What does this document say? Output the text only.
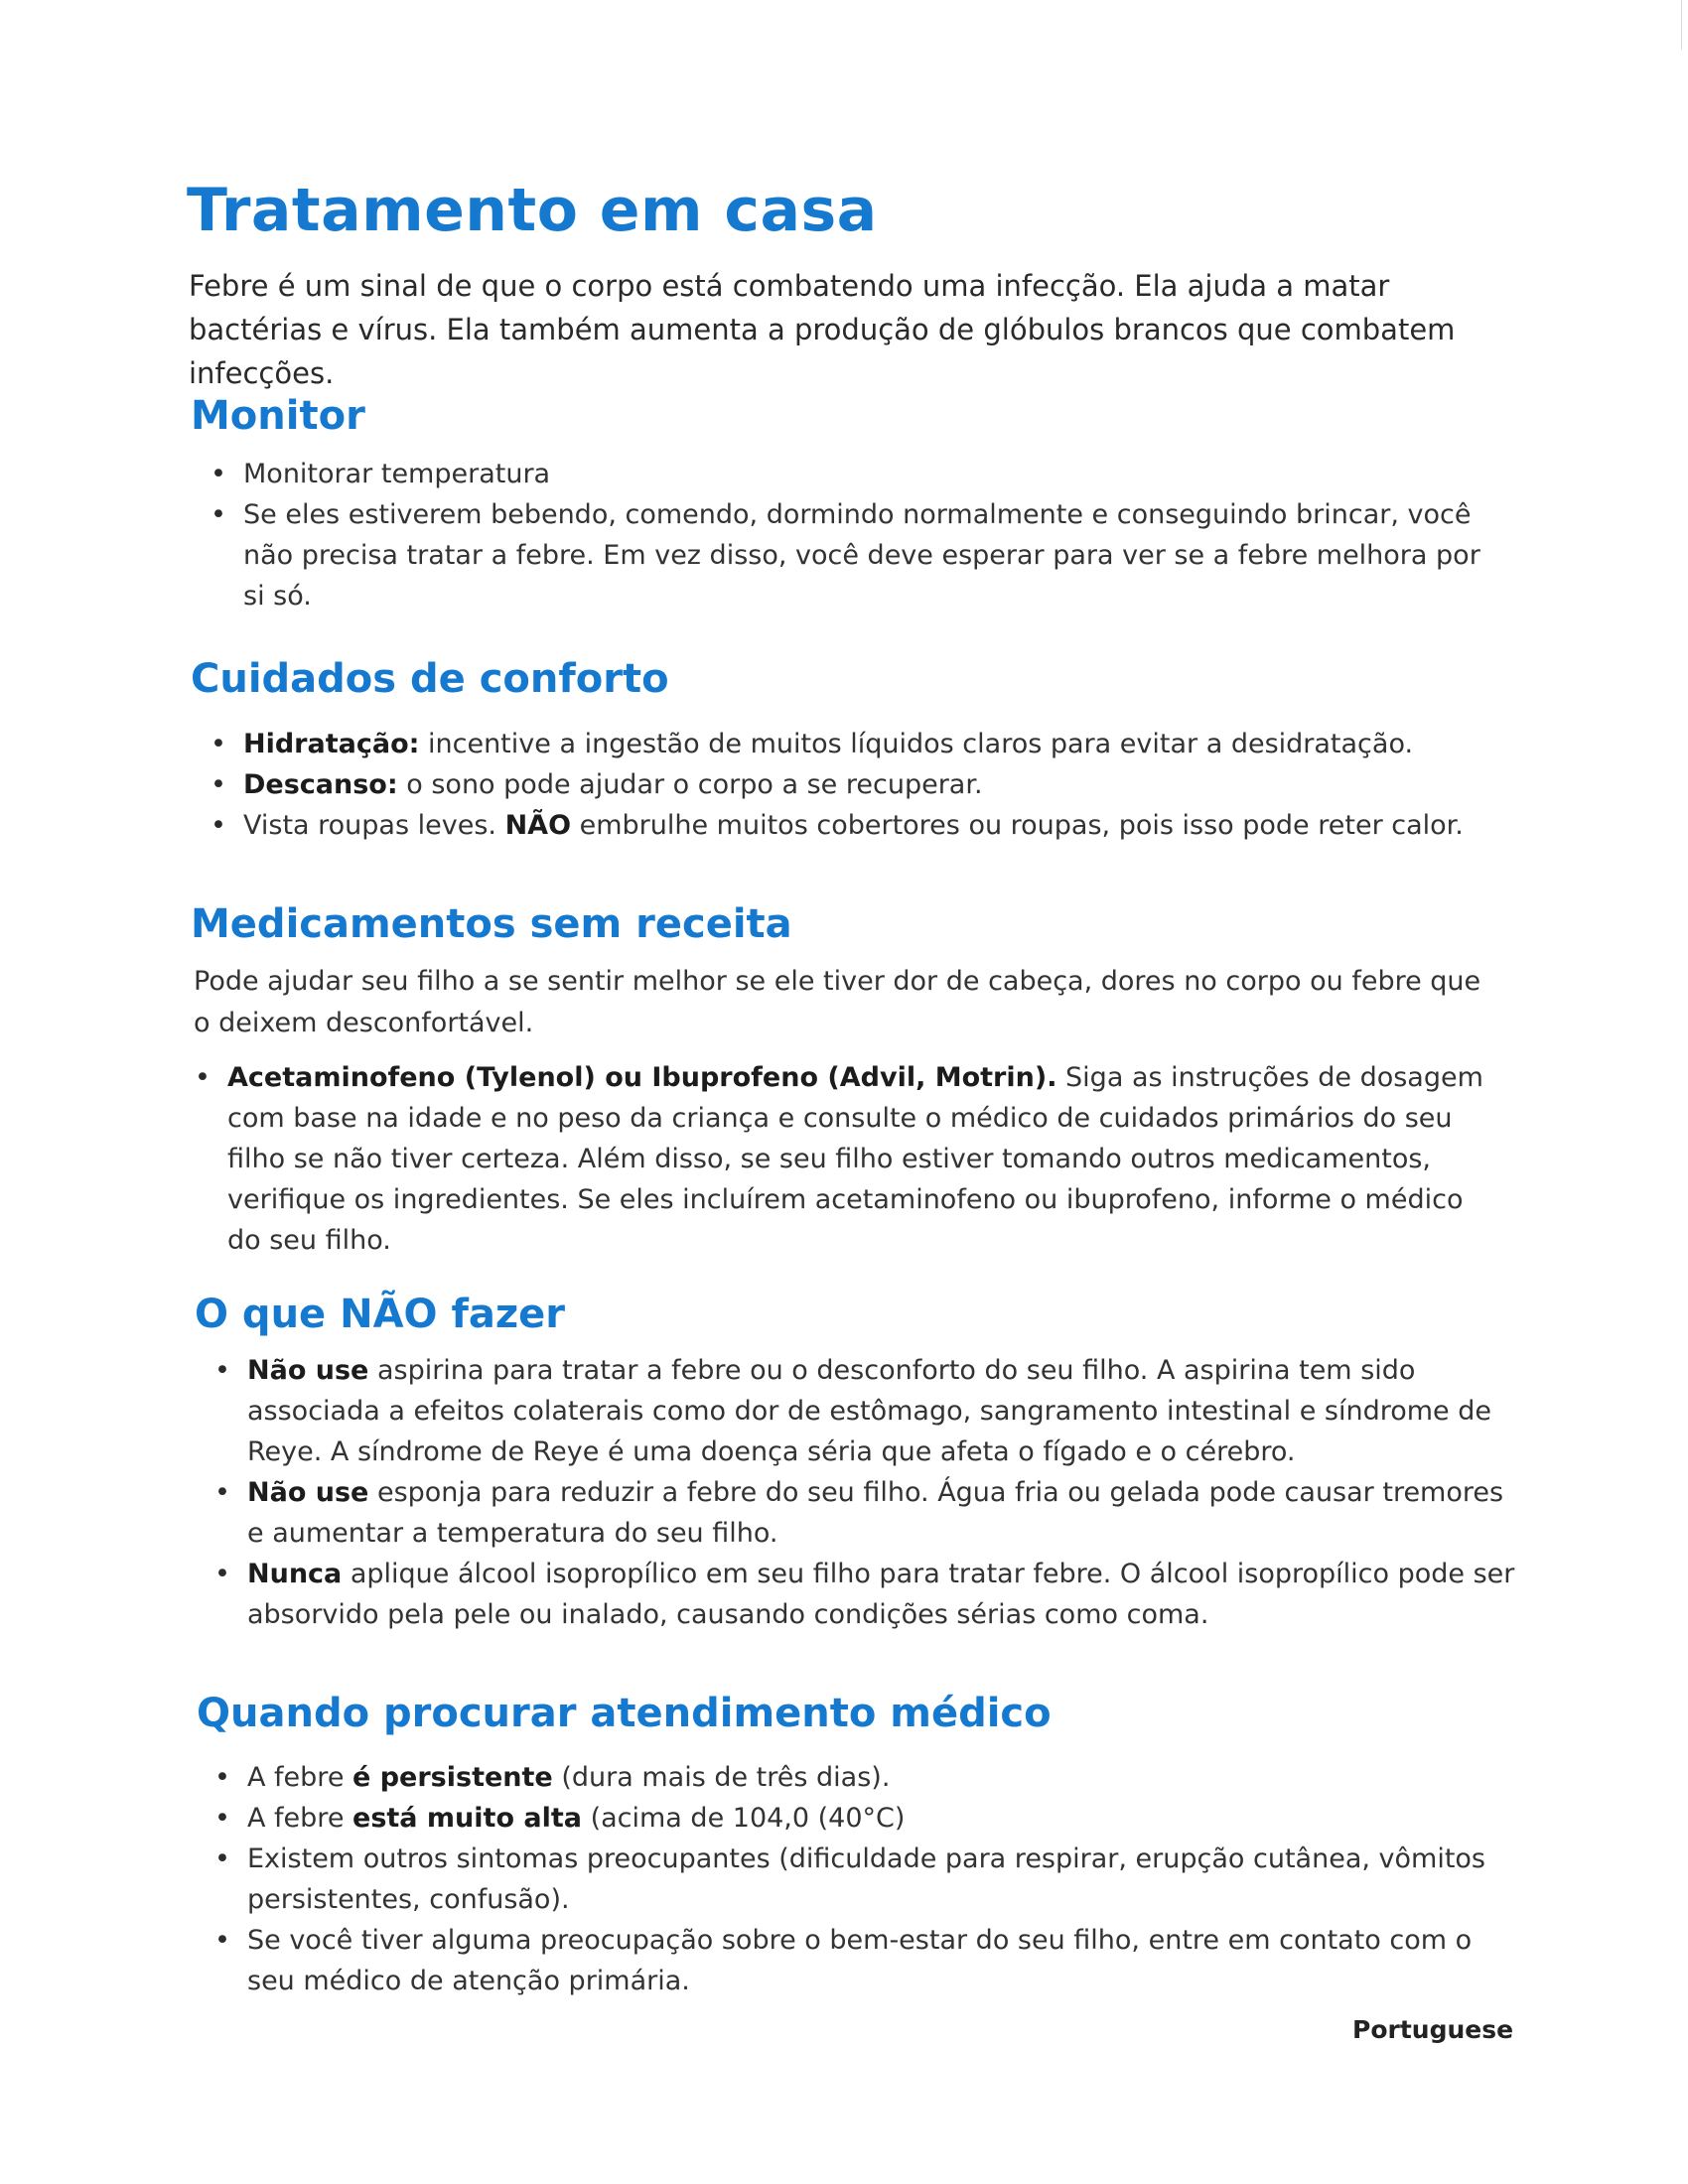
Tratamento em casa

Febre é um sinal de que o corpo está combatendo uma infecção. Ela ajuda a matar bactérias e vírus. Ela também aumenta a produção de glóbulos brancos que combatem infecções.

Monitor
• Monitorar temperatura
• Se eles estiverem bebendo, comendo, dormindo normalmente e conseguindo brincar, você não precisa tratar a febre. Em vez disso, você deve esperar para ver se a febre melhora por si só.
Cuidados de conforto
• Hidratação: incentive a ingestão de muitos líquidos claros para evitar a desidratação.
• Descanso: o sono pode ajudar o corpo a se recuperar.
• Vista roupas leves. NÃO embrulhe muitos cobertores ou roupas, pois isso pode reter calor.
Medicamentos sem receita

Pode ajudar seu filho a se sentir melhor se ele tiver dor de cabeça, dores no corpo ou febre que o deixem desconfortável.

• Acetaminofeno (Tylenol) ou Ibuprofeno (Advil, Motrin). Siga as instruções de dosagem com base na idade e no peso da criança e consulte o médico de cuidados primários do seu filho se não tiver certeza. Além disso, se seu filho estiver tomando outros medicamentos, verifique os ingredientes. Se eles incluírem acetaminofeno ou ibuprofeno, informe o médico do seu filho.
O que NÃO fazer
• Não use aspirina para tratar a febre ou o desconforto do seu filho. A aspirina tem sido associada a efeitos colaterais como dor de estômago, sangramento intestinal e síndrome de Reye. A síndrome de Reye é uma doença séria que afeta o fígado e o cérebro.
• Não use esponja para reduzir a febre do seu filho. Água fria ou gelada pode causar tremores e aumentar a temperatura do seu filho.
• Nunca aplique álcool isopropílico em seu filho para tratar febre. O álcool isopropílico pode ser absorvido pela pele ou inalado, causando condições sérias como coma.
Quando procurar atendimento médico
• A febre é persistente (dura mais de três dias).
• A febre está muito alta (acima de 104,0 (40°C)
• Existem outros sintomas preocupantes (dificuldade para respirar, erupção cutânea, vômitos persistentes, confusão).
• Se você tiver alguma preocupação sobre o bem-estar do seu filho, entre em contato com o seu médico de atenção primária.

Portuguese
